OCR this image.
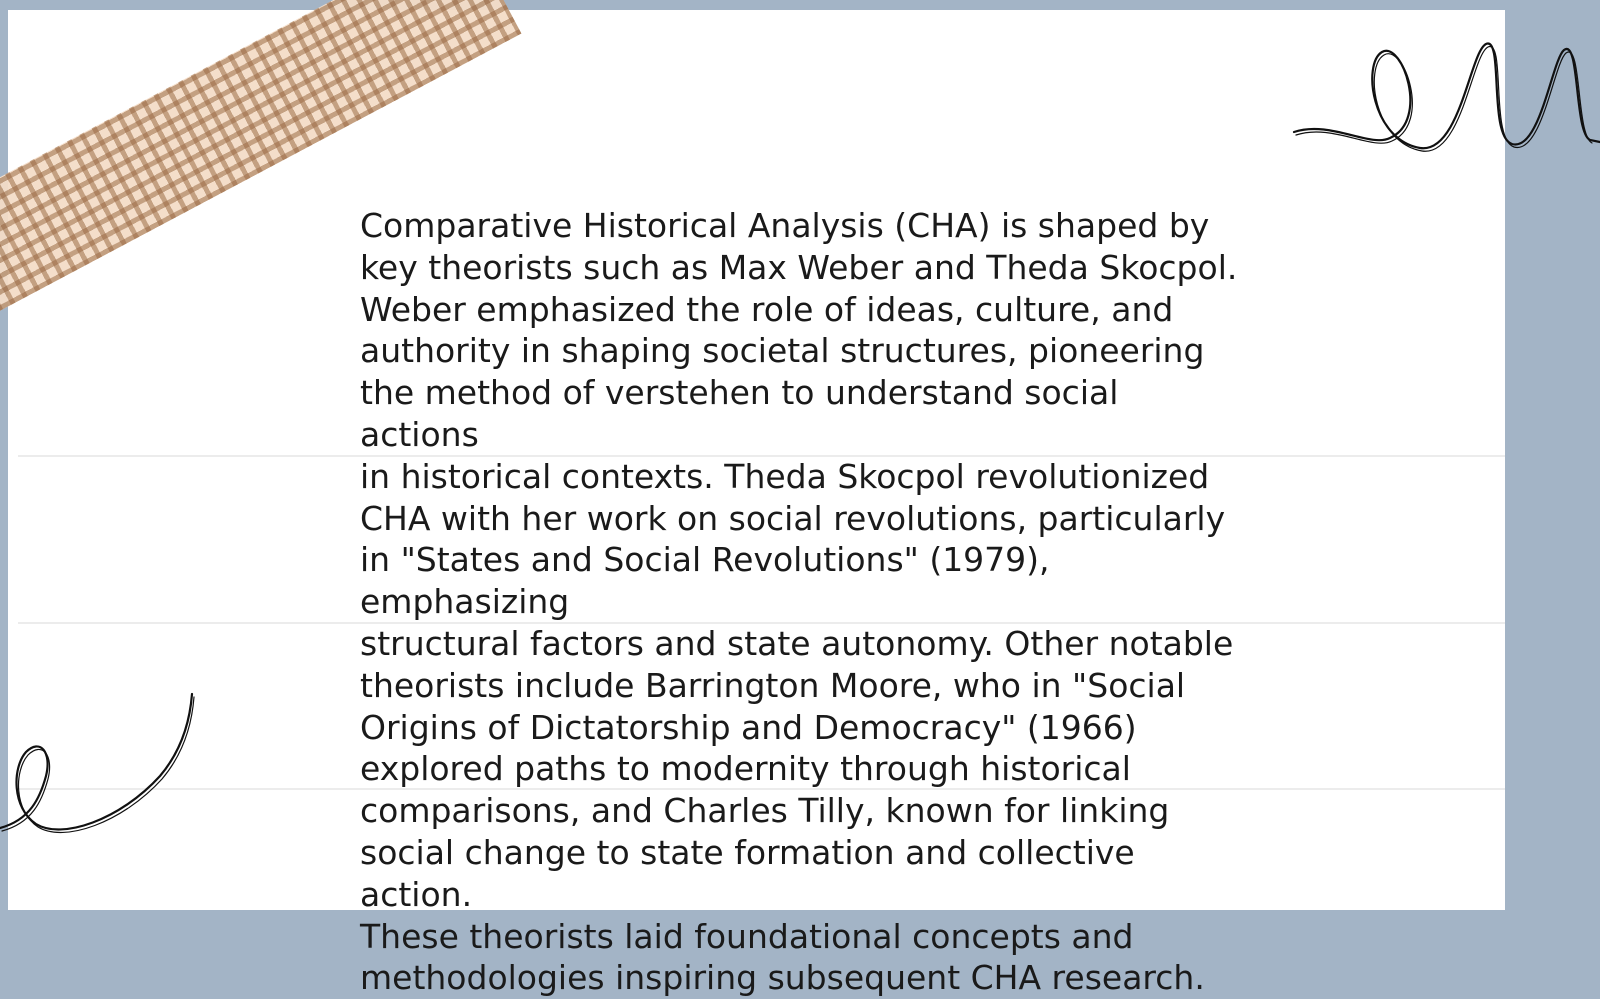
Comparative Historical Analysis (CHA) is shaped by
key theorists such as Max Weber and Theda Skocpol.
Weber emphasized the role of ideas, culture, and
authority in shaping societal structures, pioneering
the method of verstehen to understand social actions
in historical contexts. Theda Skocpol revolutionized
CHA with her work on social revolutions, particularly
in "States and Social Revolutions" (1979), emphasizing
structural factors and state autonomy. Other notable
theorists include Barrington Moore, who in "Social
Origins of Dictatorship and Democracy" (1966)
explored paths to modernity through historical
comparisons, and Charles Tilly, known for linking
social change to state formation and collective action.
These theorists laid foundational concepts and
methodologies inspiring subsequent CHA research.
